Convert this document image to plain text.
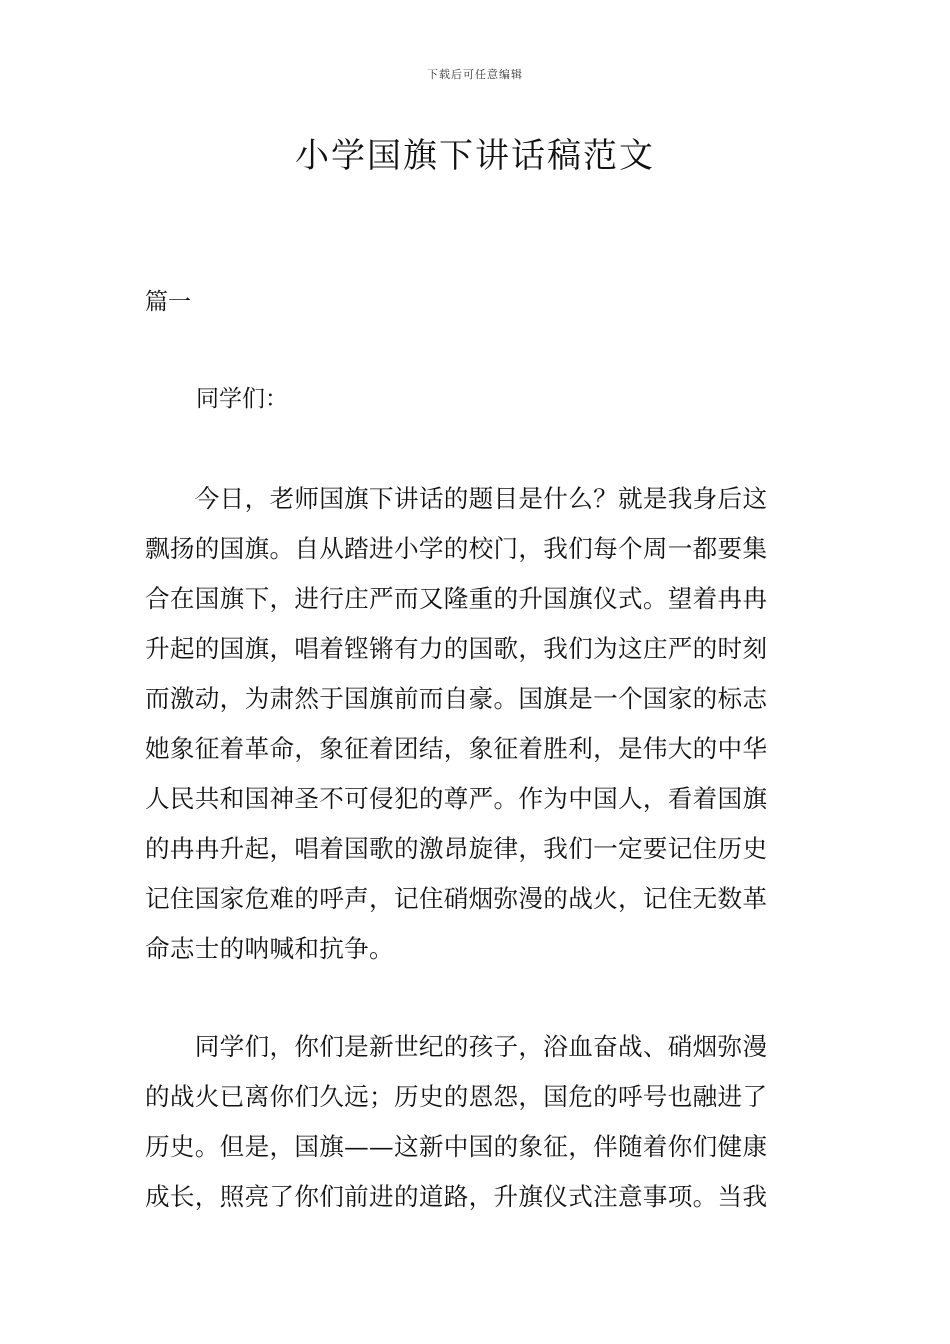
下载后可任意编辑
小学国旗下讲话稿范文
篇一
同学们：
　　今日，老师国旗下讲话的题目是什么？就是我身后这
飘扬的国旗。自从踏进小学的校门，我们每个周一都要集
合在国旗下，进行庄严而又隆重的升国旗仪式。望着冉冉
升起的国旗，唱着铿锵有力的国歌，我们为这庄严的时刻
而激动，为肃然于国旗前而自豪。国旗是一个国家的标志
她象征着革命，象征着团结，象征着胜利，是伟大的中华
人民共和国神圣不可侵犯的尊严。作为中国人，看着国旗
的冉冉升起，唱着国歌的激昂旋律，我们一定要记住历史
记住国家危难的呼声，记住硝烟弥漫的战火，记住无数革
命志士的呐喊和抗争。
　　同学们，你们是新世纪的孩子，浴血奋战、硝烟弥漫
的战火已离你们久远；历史的恩怨，国危的呼号也融进了
历史。但是，国旗——这新中国的象征，伴随着你们健康
成长，照亮了你们前进的道路，升旗仪式注意事项。当我
